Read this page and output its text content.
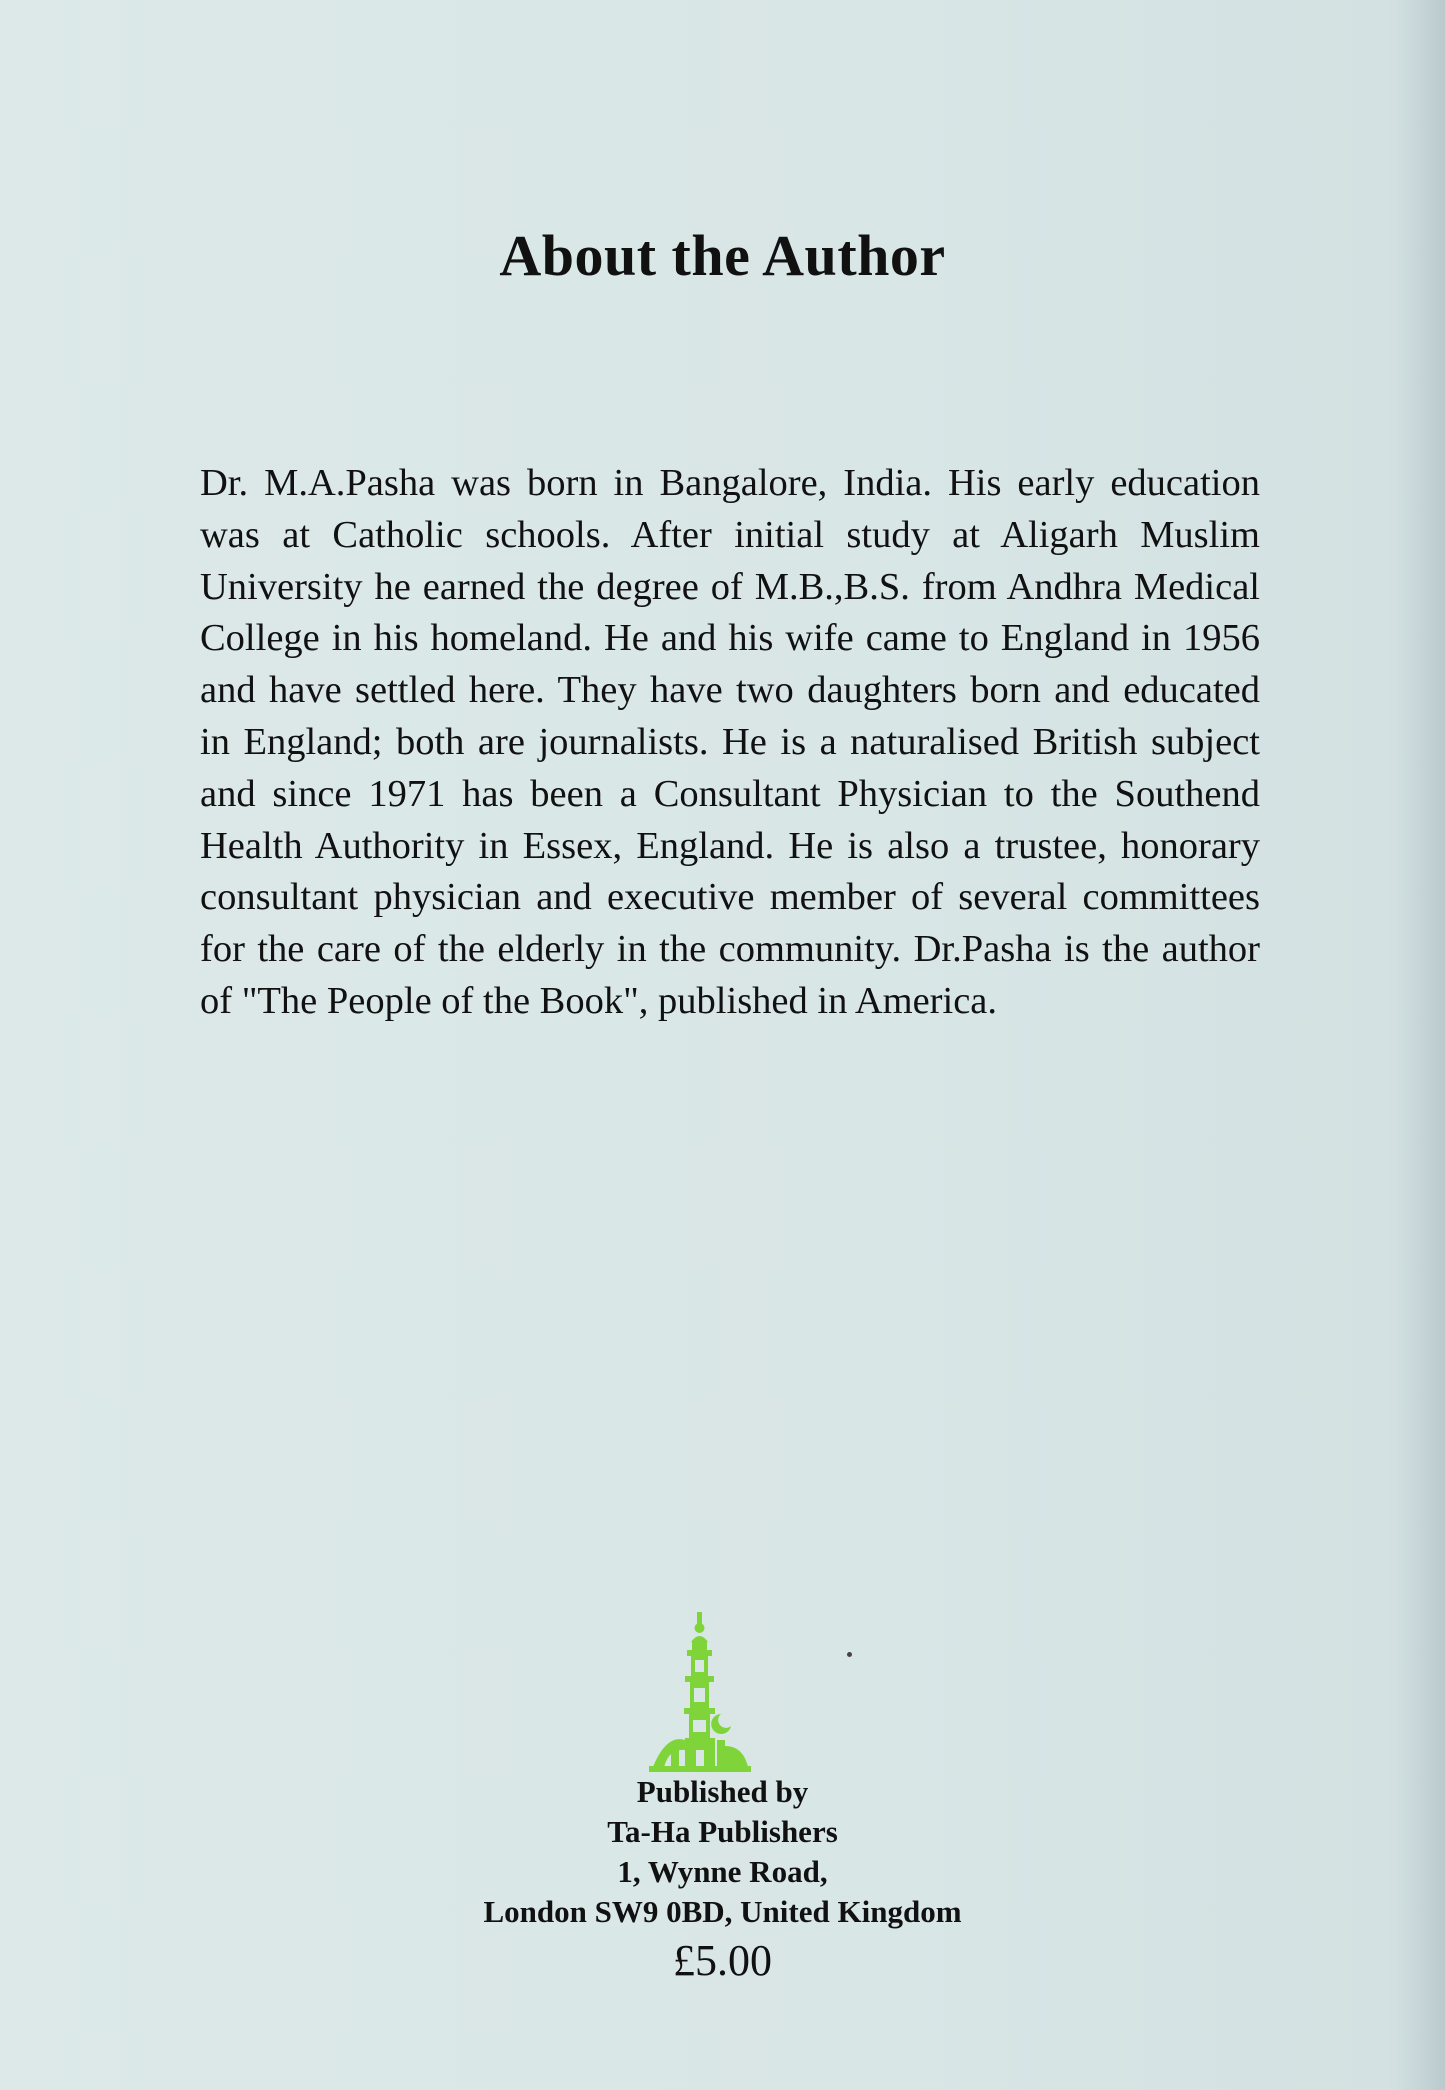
About the Author

Dr. M.A.Pasha was born in Bangalore, India. His early education was at Catholic schools. After initial study at Aligarh Muslim University he earned the degree of M.B.,B.S. from Andhra Medical College in his homeland. He and his wife came to England in 1956 and have settled here. They have two daughters born and educated in England; both are journalists. He is a naturalised British subject and since 1971 has been a Consultant Physician to the Southend Health Authority in Essex, England. He is also a trustee, honorary consultant physician and executive member of several committees for the care of the elderly in the community. Dr.Pasha is the author of "The People of the Book", published in America.

Published by
Ta-Ha Publishers
1, Wynne Road,
London SW9 0BD, United Kingdom
£5.00
